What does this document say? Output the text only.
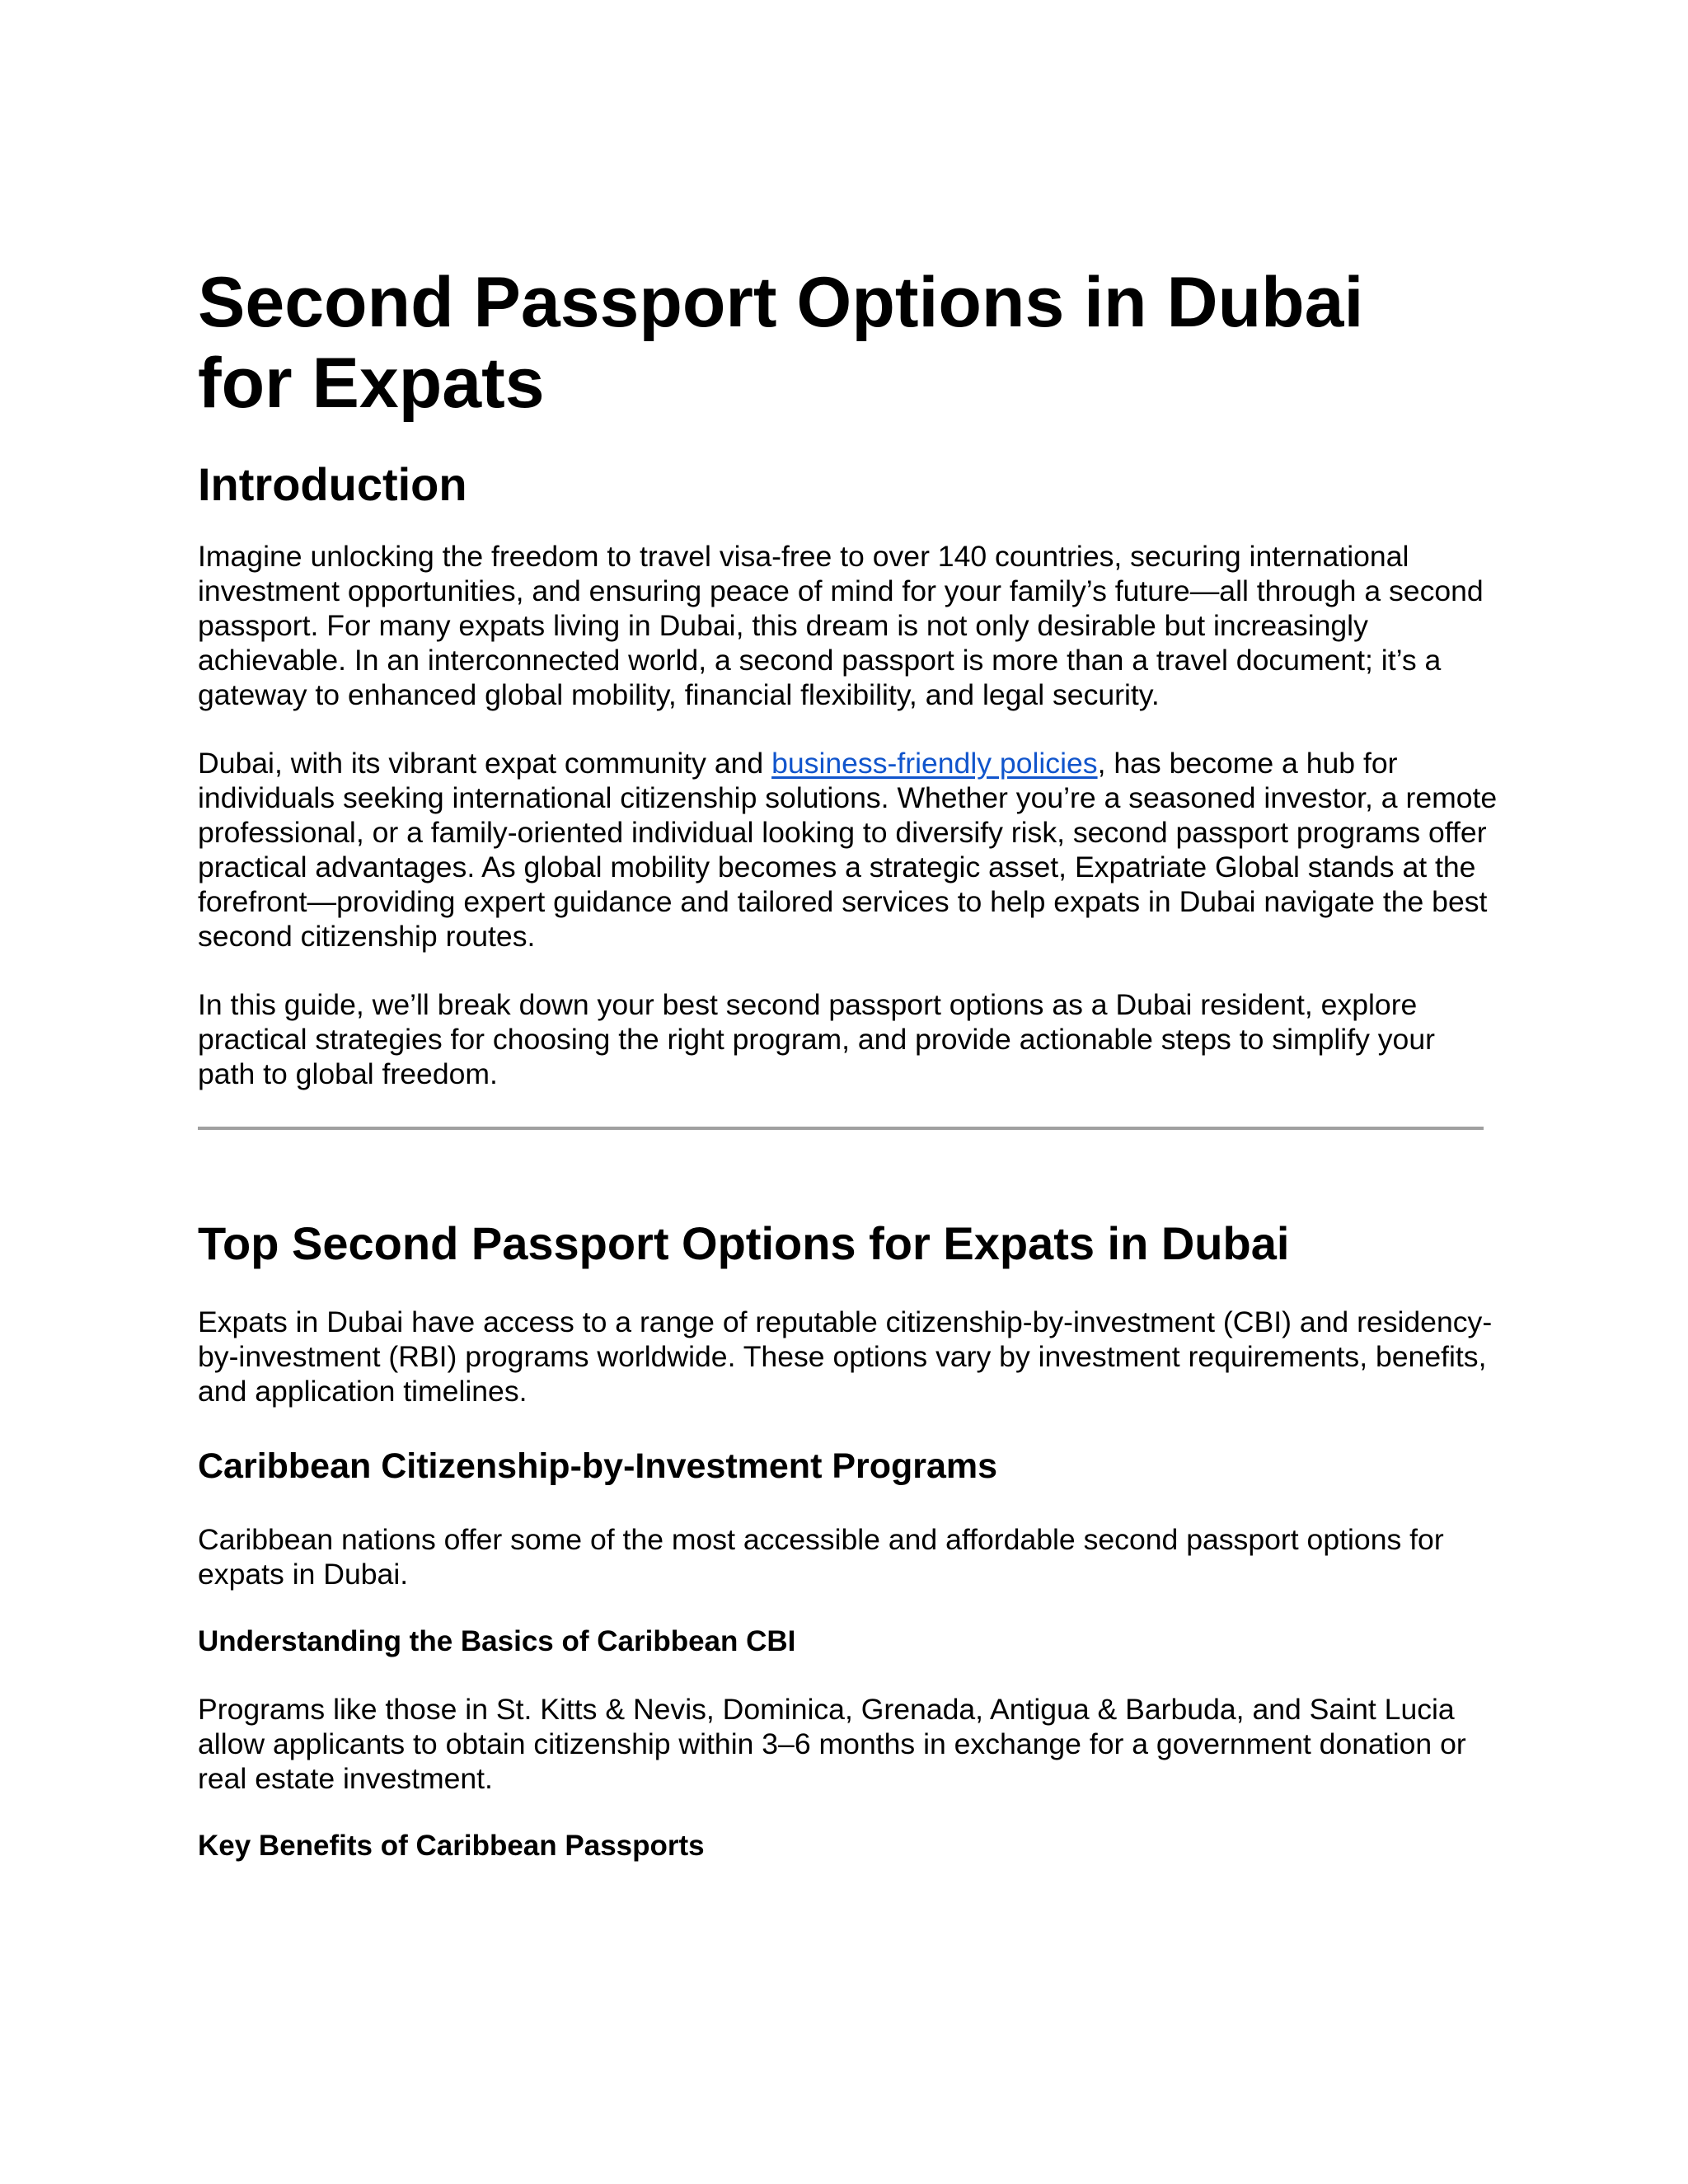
Second Passport Options in Dubai for Expats
Introduction

Imagine unlocking the freedom to travel visa-free to over 140 countries, securing international investment opportunities, and ensuring peace of mind for your family’s future—all through a second passport. For many expats living in Dubai, this dream is not only desirable but increasingly achievable. In an interconnected world, a second passport is more than a travel document; it’s a gateway to enhanced global mobility, financial flexibility, and legal security.

Dubai, with its vibrant expat community and business-friendly policies, has become a hub for individuals seeking international citizenship solutions. Whether you’re a seasoned investor, a remote professional, or a family-oriented individual looking to diversify risk, second passport programs offer practical advantages. As global mobility becomes a strategic asset, Expatriate Global stands at the forefront—providing expert guidance and tailored services to help expats in Dubai navigate the best second citizenship routes.

In this guide, we’ll break down your best second passport options as a Dubai resident, explore practical strategies for choosing the right program, and provide actionable steps to simplify your path to global freedom.

Top Second Passport Options for Expats in Dubai

Expats in Dubai have access to a range of reputable citizenship-by-investment (CBI) and residency-by-investment (RBI) programs worldwide. These options vary by investment requirements, benefits, and application timelines.

Caribbean Citizenship-by-Investment Programs

Caribbean nations offer some of the most accessible and affordable second passport options for expats in Dubai.

Understanding the Basics of Caribbean CBI

Programs like those in St. Kitts & Nevis, Dominica, Grenada, Antigua & Barbuda, and Saint Lucia allow applicants to obtain citizenship within 3–6 months in exchange for a government donation or real estate investment.

Key Benefits of Caribbean Passports
